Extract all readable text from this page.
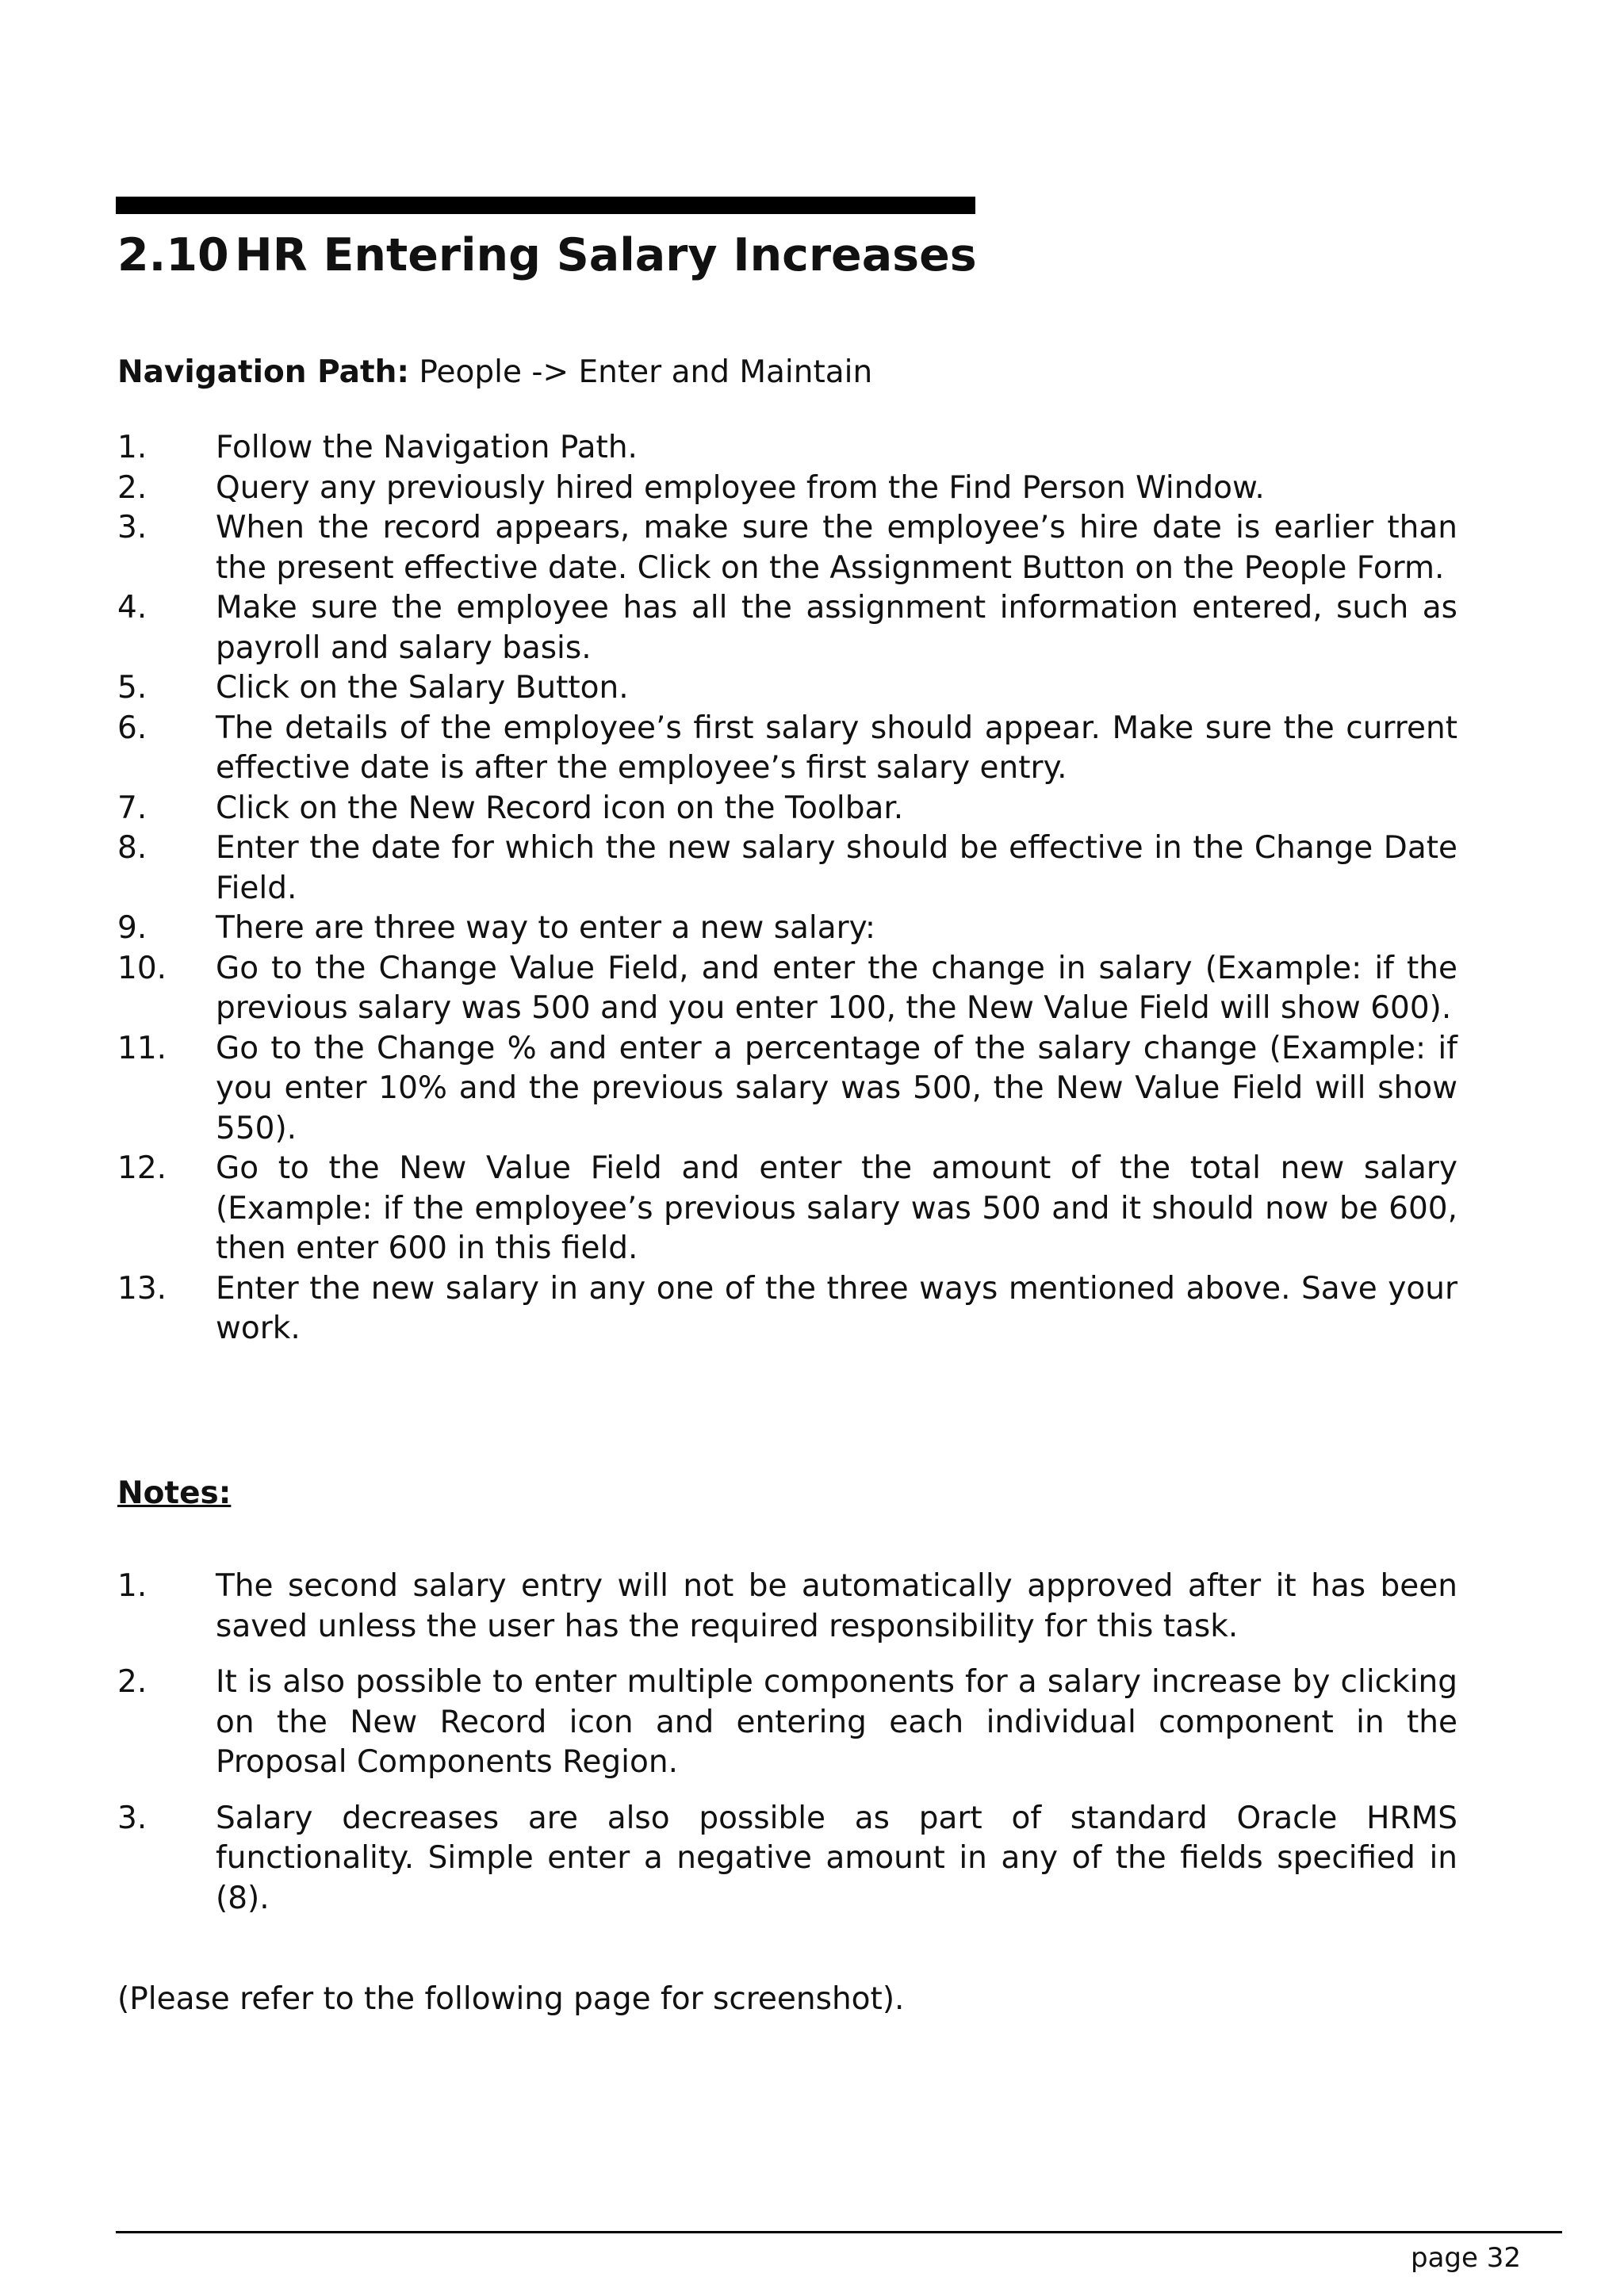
2.10 HR Entering Salary Increases
Navigation Path: People -> Enter and Maintain
1. Follow the Navigation Path.
2. Query any previously hired employee from the Find Person Window.
3. When the record appears, make sure the employee’s hire date is earlier than the present effective date. Click on the Assignment Button on the People Form.
4. Make sure the employee has all the assignment information entered, such as payroll and salary basis.
5. Click on the Salary Button.
6. The details of the employee’s first salary should appear. Make sure the current effective date is after the employee’s first salary entry.
7. Click on the New Record icon on the Toolbar.
8. Enter the date for which the new salary should be effective in the Change Date Field.
9. There are three way to enter a new salary:
10. Go to the Change Value Field, and enter the change in salary (Example: if the previous salary was 500 and you enter 100, the New Value Field will show 600).
11. Go to the Change % and enter a percentage of the salary change (Example: if you enter 10% and the previous salary was 500, the New Value Field will show 550).
12. Go to the New Value Field and enter the amount of the total new salary (Example: if the employee’s previous salary was 500 and it should now be 600, then enter 600 in this field.
13. Enter the new salary in any one of the three ways mentioned above. Save your work.
Notes:
1. The second salary entry will not be automatically approved after it has been saved unless the user has the required responsibility for this task.
2. It is also possible to enter multiple components for a salary increase by clicking on the New Record icon and entering each individual component in the Proposal Components Region.
3. Salary decreases are also possible as part of standard Oracle HRMS functionality. Simple enter a negative amount in any of the fields specified in (8).
(Please refer to the following page for screenshot).
page 32
